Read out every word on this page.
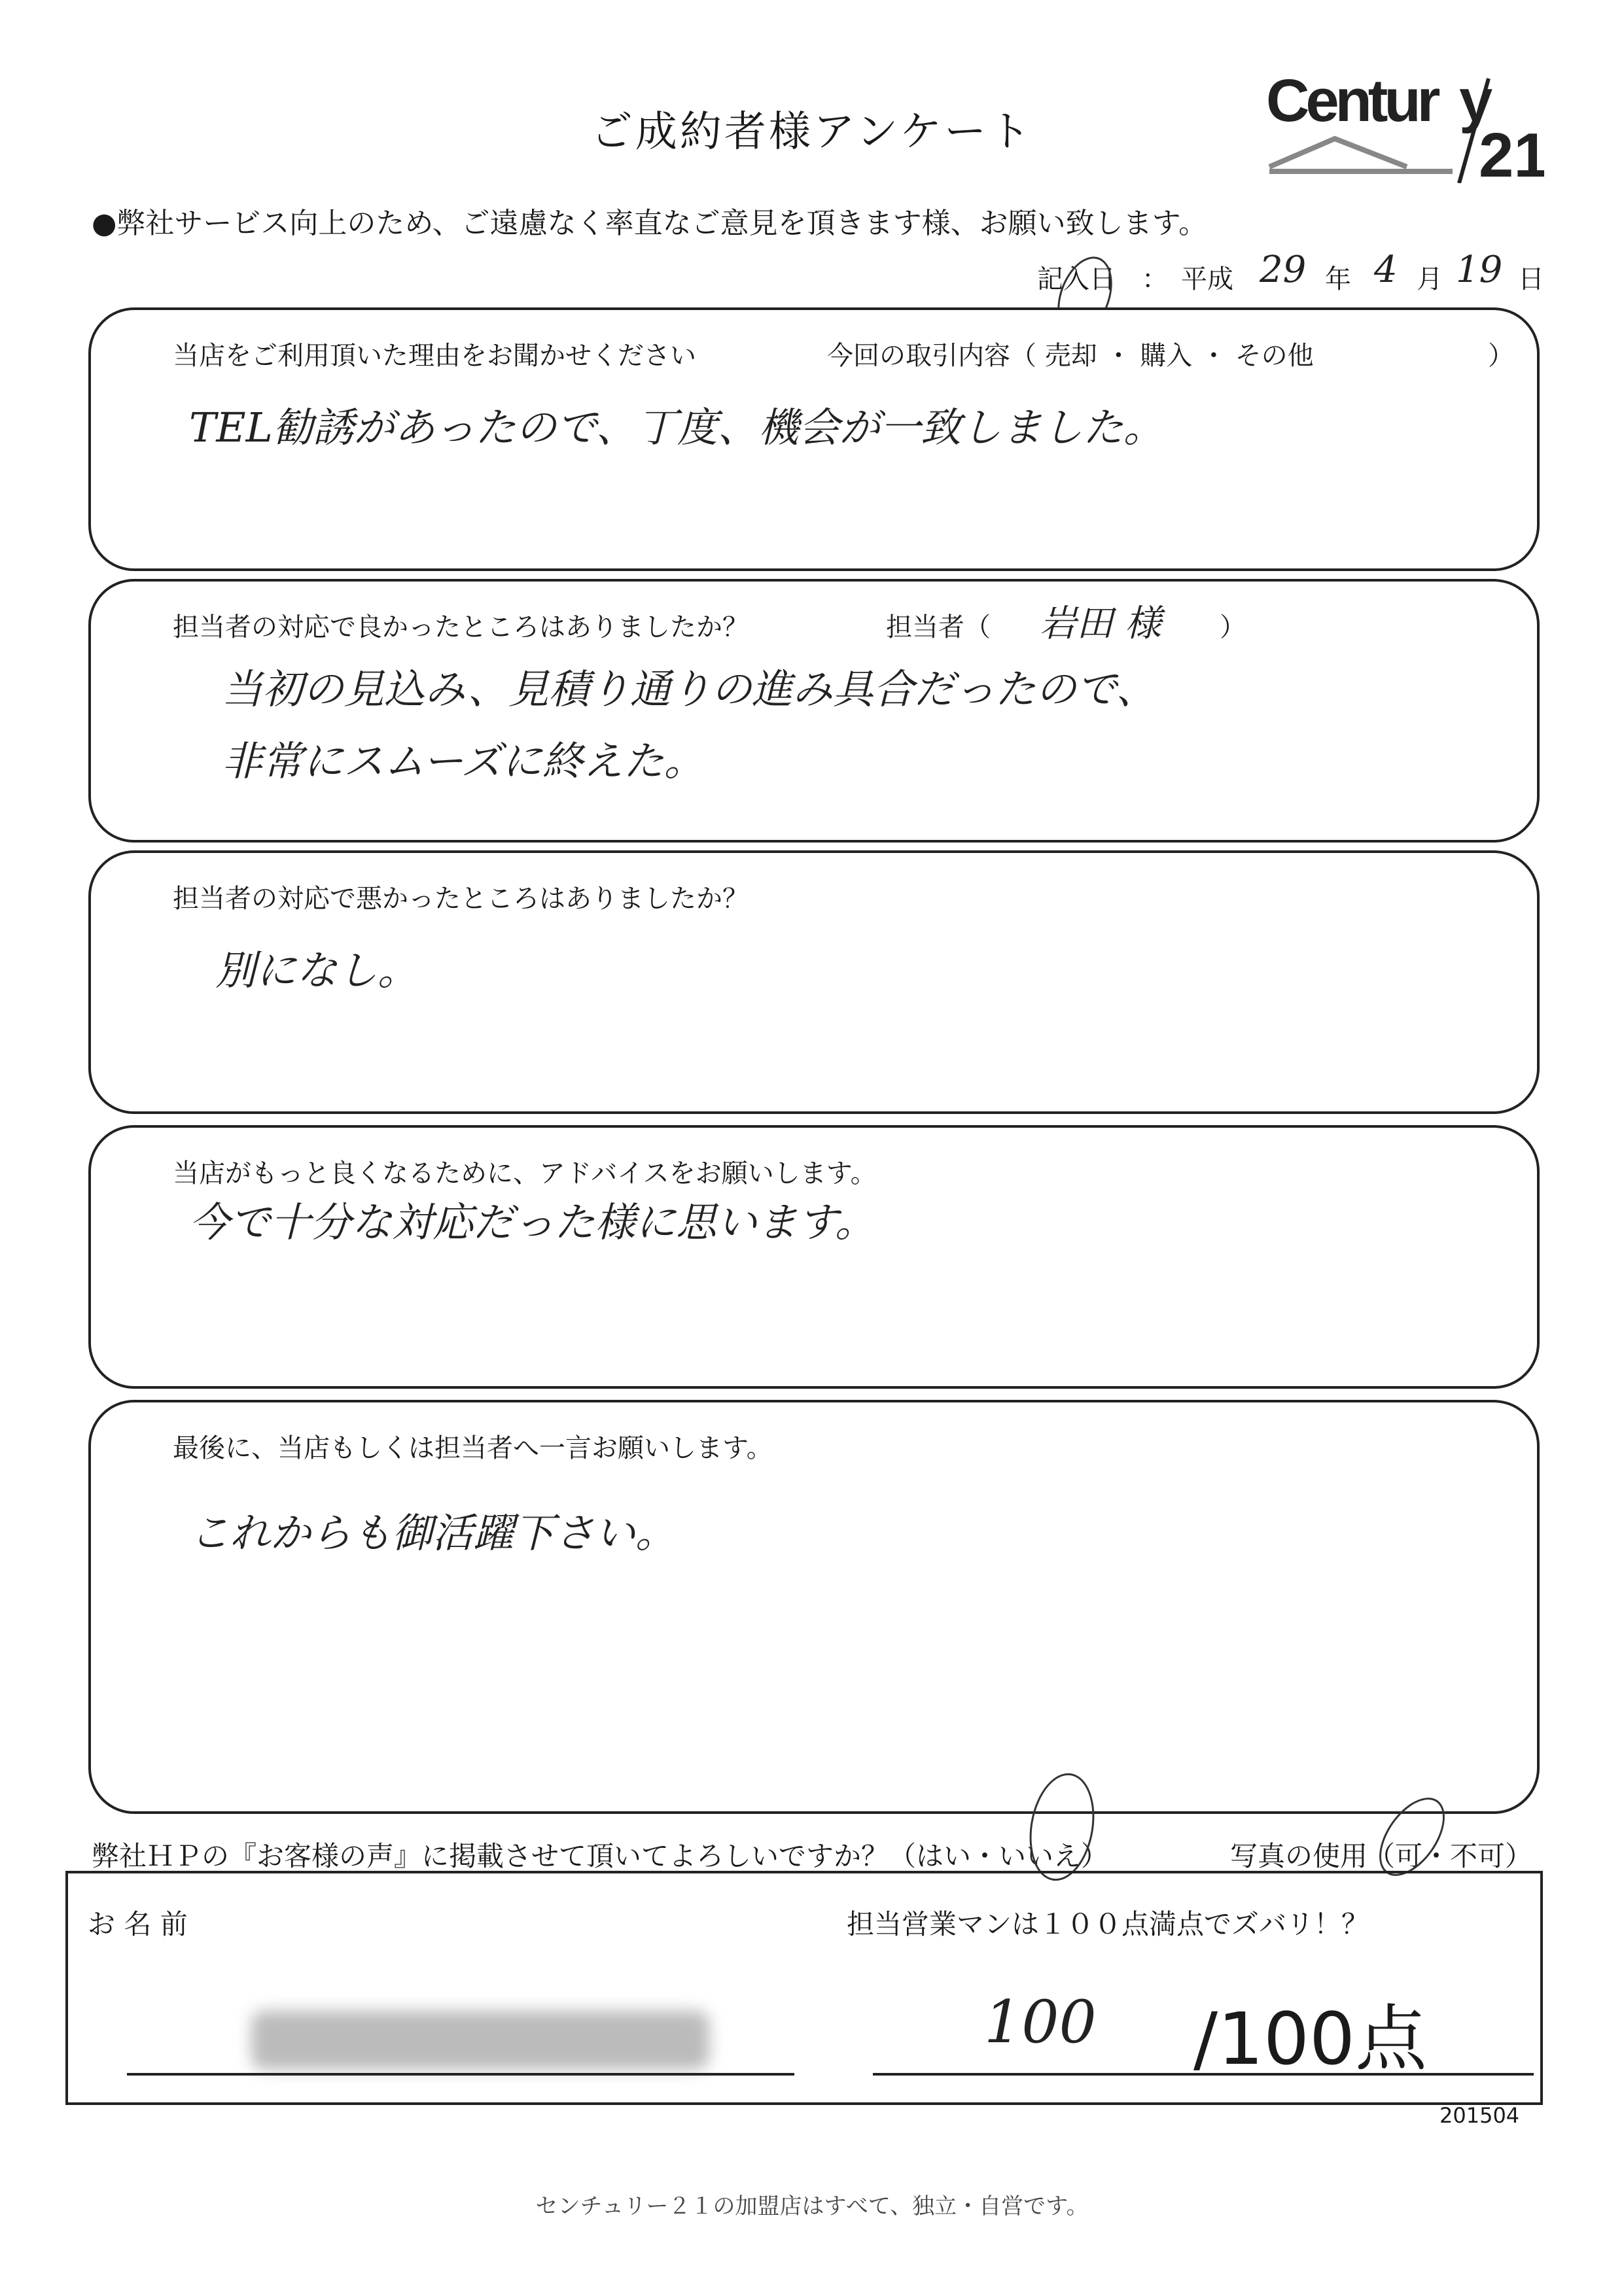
ご成約者様アンケート	Centur y
21
●弊社サービス向上のため、ご遠慮なく率直なご意見を頂きます様、お願い致します。
記入日 ： 平成 29 年 4 月 19 日
当店をご利用頂いた理由をお聞かせください	今回の取引内容（ 売却 ・ 購入 ・ その他	）
TEL勧誘があったので、丁度、機会が一致しました。
担当者の対応で良かったところはありましたか？	担当者（ 岩田 様 ）
当初の見込み、見積り通りの進み具合だったので、
非常にスムーズに終えた。
担当者の対応で悪かったところはありましたか？
別になし。
当店がもっと良くなるために、アドバイスをお願いします。
今で十分な対応だった様に思います。
最後に、当店もしくは担当者へ一言お願いします。
これからも御活躍下さい。
弊社ＨＰの『お客様の声』に掲載させて頂いてよろしいですか？（はい・いいえ）	写真の使用（可・不可）
お 名 前	担当営業マンは１００点満点でズバリ！？
100 /100点
201504
センチュリー２１の加盟店はすべて、独立・自営です。
